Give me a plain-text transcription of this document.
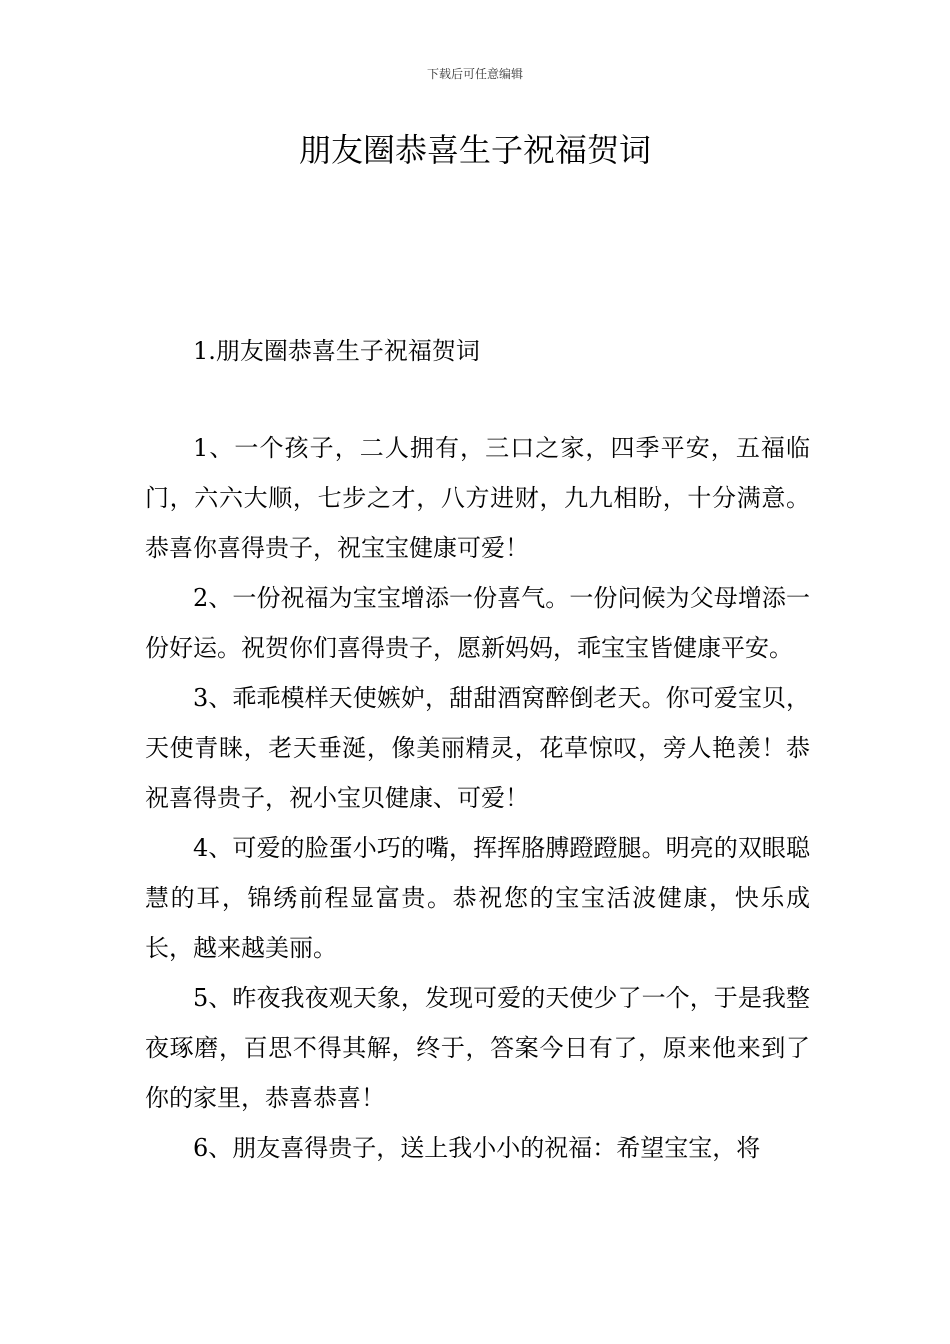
下载后可任意编辑
朋友圈恭喜生子祝福贺词
1.朋友圈恭喜生子祝福贺词
1、一个孩子，二人拥有，三口之家，四季平安，五福临门，六六大顺，七步之才，八方进财，九九相盼，十分满意。恭喜你喜得贵子，祝宝宝健康可爱！
2、一份祝福为宝宝增添一份喜气。一份问候为父母增添一份好运。祝贺你们喜得贵子，愿新妈妈，乖宝宝皆健康平安。
3、乖乖模样天使嫉妒，甜甜酒窝醉倒老天。你可爱宝贝，天使青睐，老天垂涎，像美丽精灵，花草惊叹，旁人艳羡！恭祝喜得贵子，祝小宝贝健康、可爱！
4、可爱的脸蛋小巧的嘴，挥挥胳膊蹬蹬腿。明亮的双眼聪慧的耳，锦绣前程显富贵。恭祝您的宝宝活波健康，快乐成长，越来越美丽。
5、昨夜我夜观天象，发现可爱的天使少了一个，于是我整夜琢磨，百思不得其解，终于，答案今日有了，原来他来到了你的家里，恭喜恭喜！
6、朋友喜得贵子，送上我小小的祝福：希望宝宝，将
